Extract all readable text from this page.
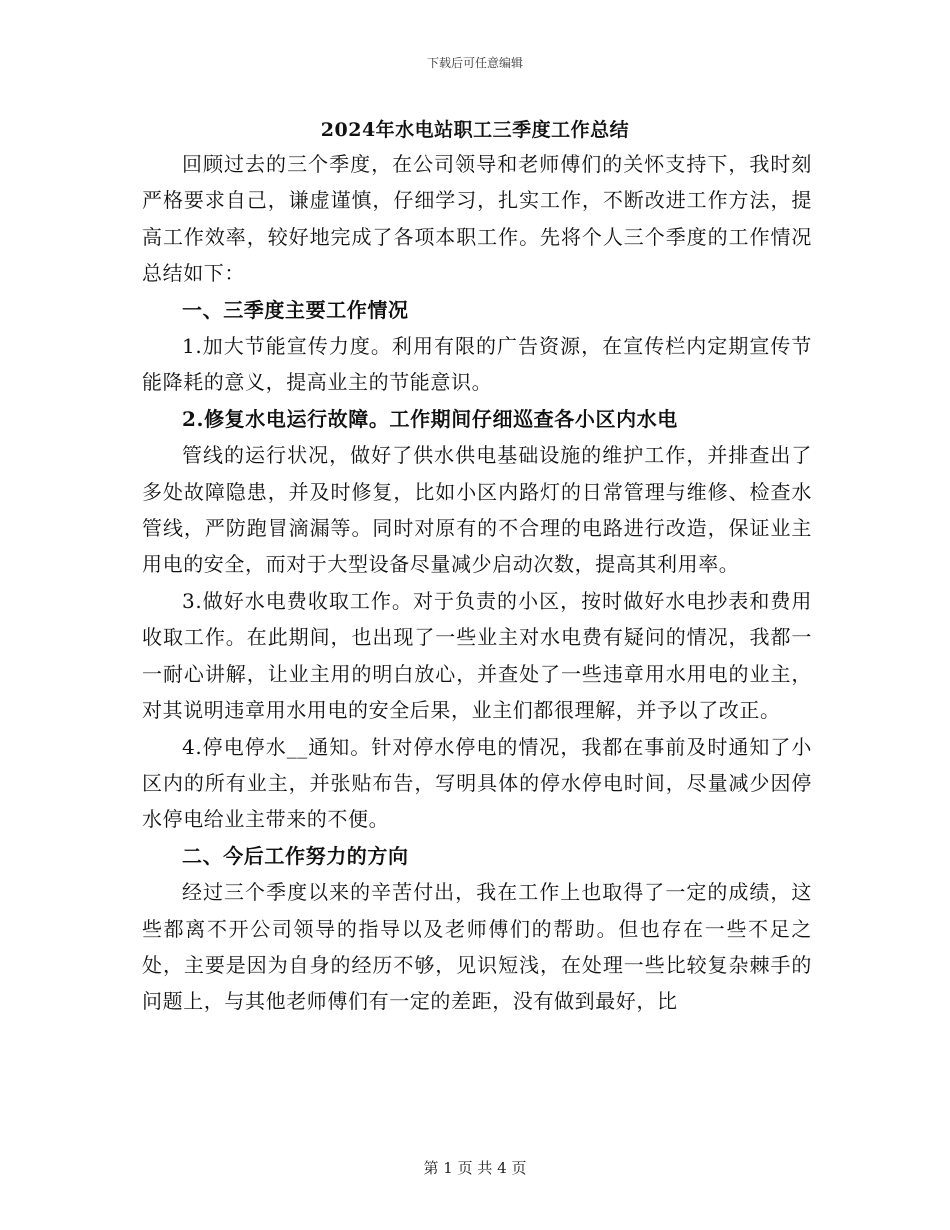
下载后可任意编辑
2024年水电站职工三季度工作总结

回顾过去的三个季度，在公司领导和老师傅们的关怀支持下，我时刻严格要求自己，谦虚谨慎，仔细学习，扎实工作，不断改进工作方法，提高工作效率，较好地完成了各项本职工作。先将个人三个季度的工作情况总结如下：

一、三季度主要工作情况

1.加大节能宣传力度。利用有限的广告资源，在宣传栏内定期宣传节能降耗的意义，提高业主的节能意识。

2.修复水电运行故障。工作期间仔细巡查各小区内水电

管线的运行状况，做好了供水供电基础设施的维护工作，并排查出了多处故障隐患，并及时修复，比如小区内路灯的日常管理与维修、检查水管线，严防跑冒滴漏等。同时对原有的不合理的电路进行改造，保证业主用电的安全，而对于大型设备尽量减少启动次数，提高其利用率。

3.做好水电费收取工作。对于负责的小区，按时做好水电抄表和费用收取工作。在此期间，也出现了一些业主对水电费有疑问的情况，我都一一耐心讲解，让业主用的明白放心，并查处了一些违章用水用电的业主，对其说明违章用水用电的安全后果，业主们都很理解，并予以了改正。

4.停电停水__通知。针对停水停电的情况，我都在事前及时通知了小区内的所有业主，并张贴布告，写明具体的停水停电时间，尽量减少因停水停电给业主带来的不便。

二、今后工作努力的方向

经过三个季度以来的辛苦付出，我在工作上也取得了一定的成绩，这些都离不开公司领导的指导以及老师傅们的帮助。但也存在一些不足之处，主要是因为自身的经历不够，见识短浅，在处理一些比较复杂棘手的问题上，与其他老师傅们有一定的差距，没有做到最好，比

第 1 页 共 4 页
